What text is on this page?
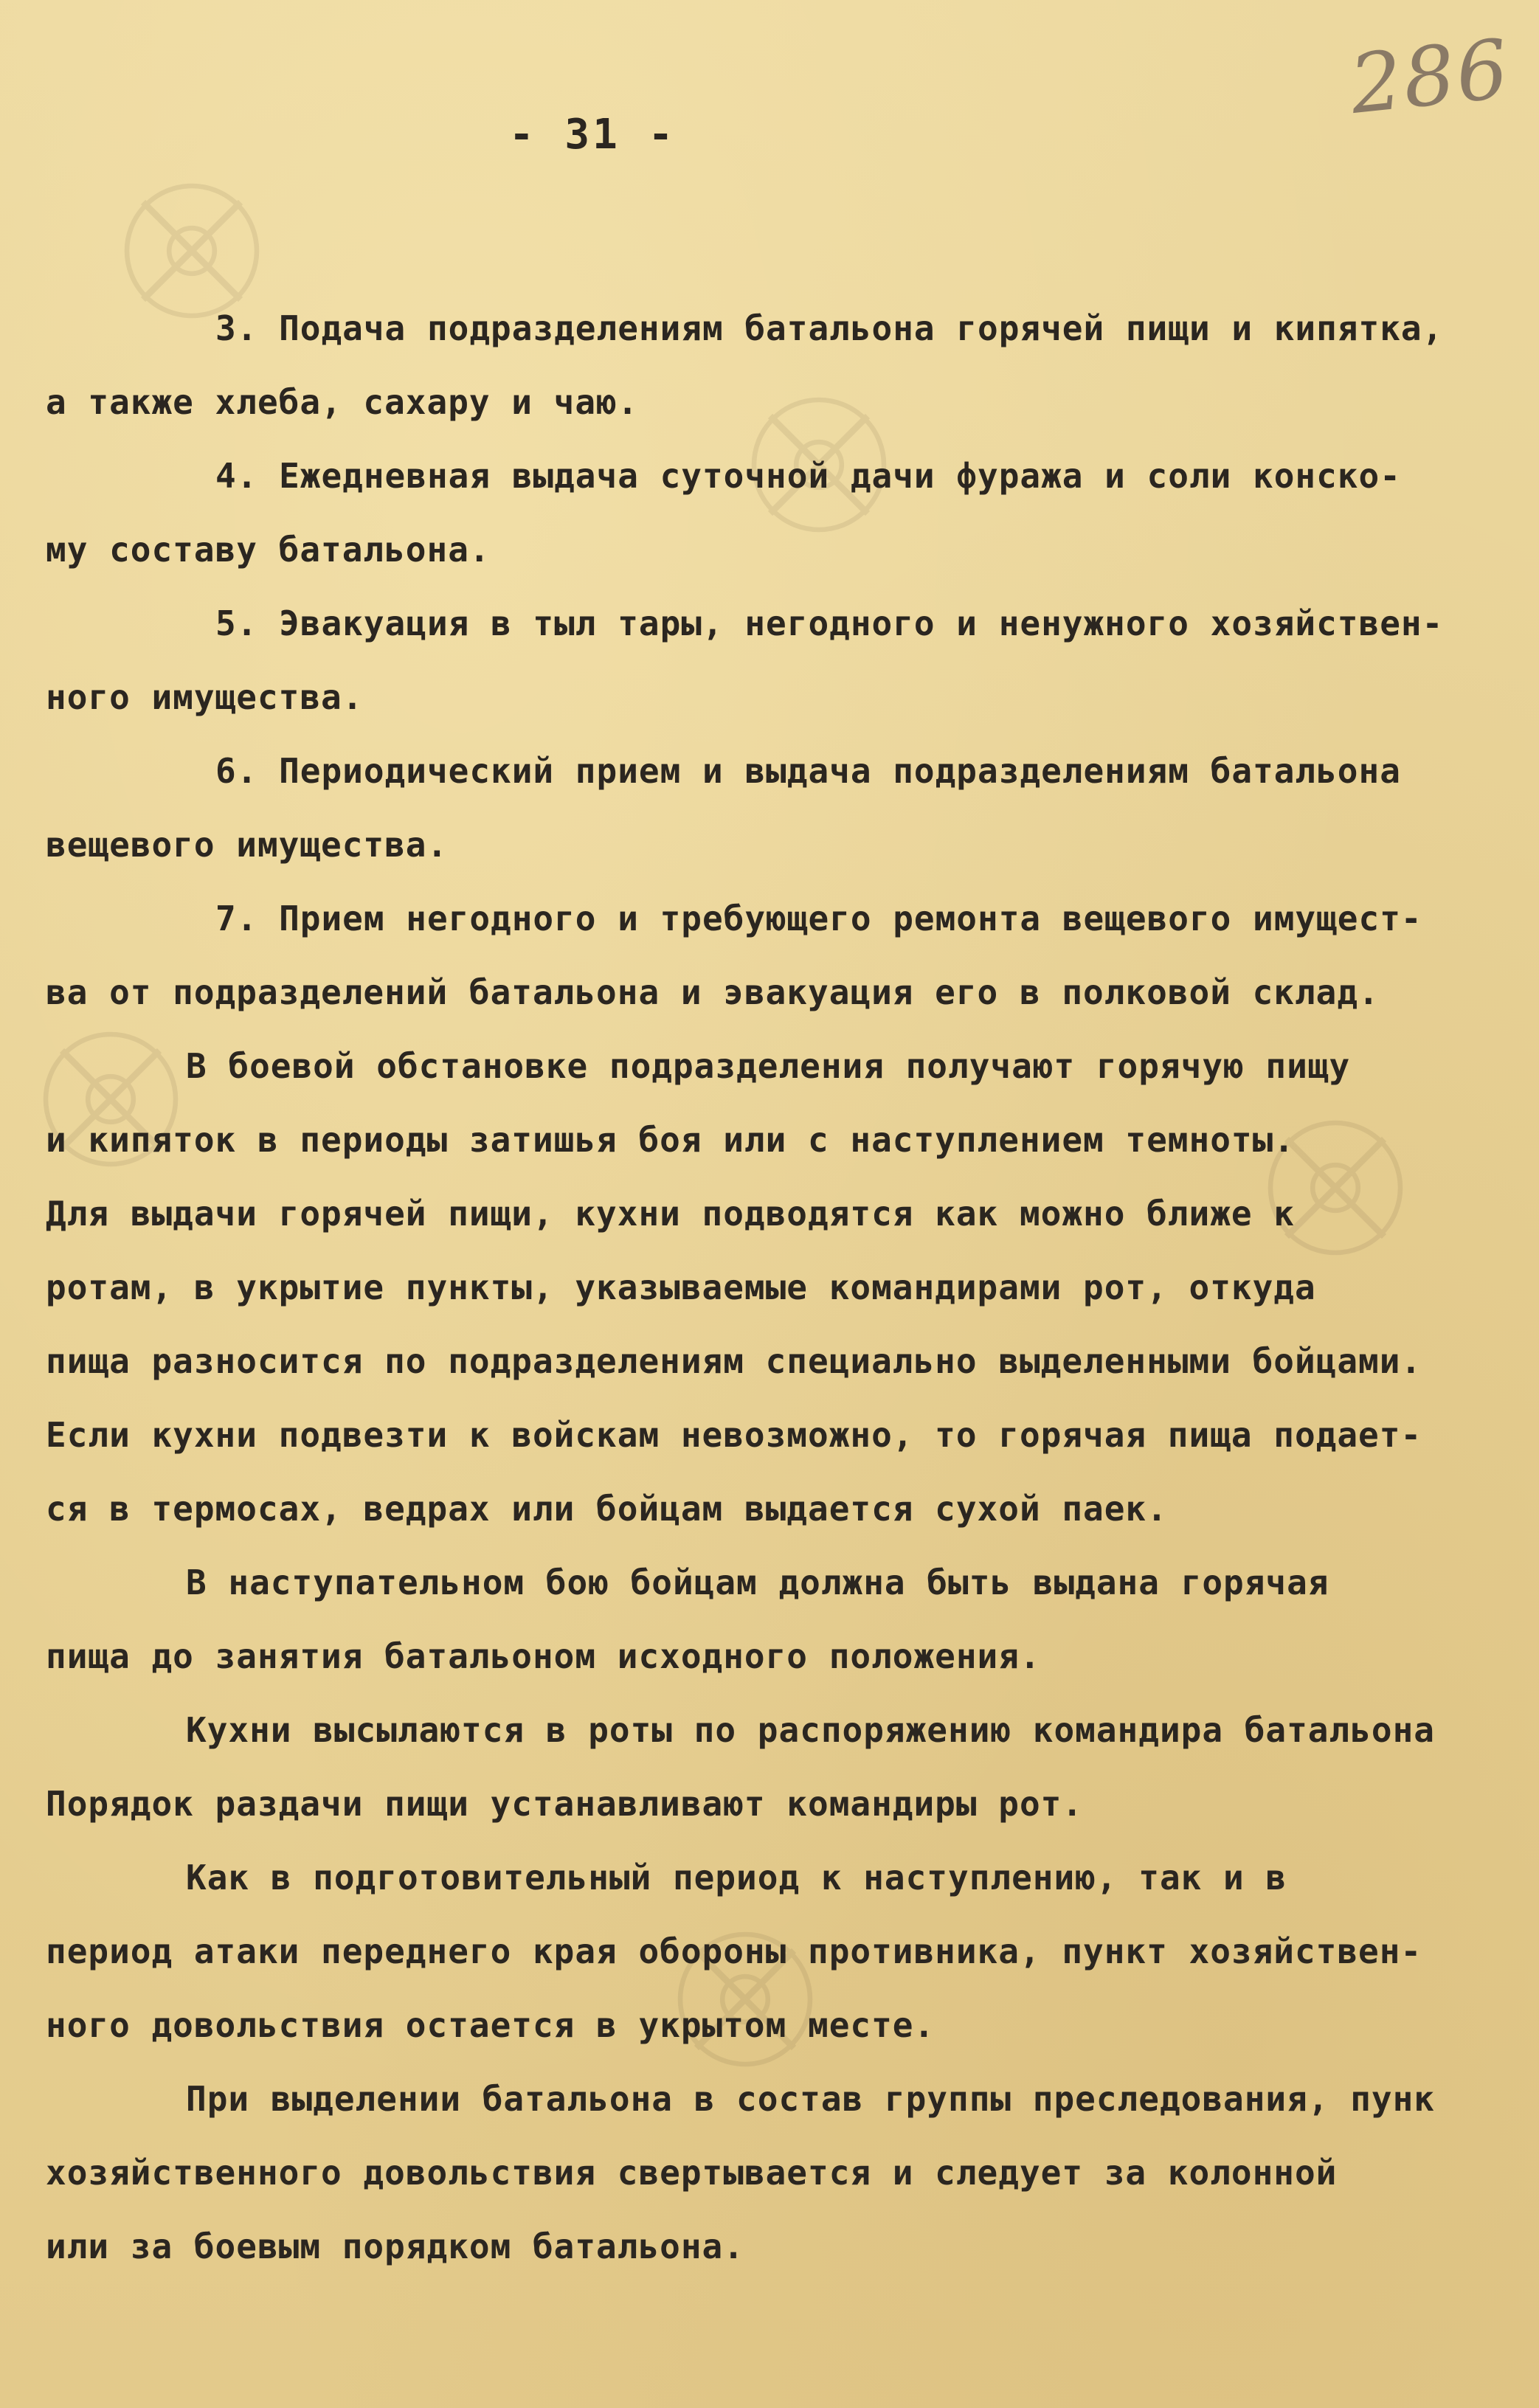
286
- 31 -
3. Подача подразделениям батальона горячей пищи и кипятка,
а также хлеба, сахару и чаю.
4. Ежедневная выдача суточной дачи фуража и соли конско-
му составу батальона.
5. Эвакуация в тыл тары, негодного и ненужного хозяйствен-
ного имущества.
6. Периодический прием и выдача подразделениям батальона
вещевого имущества.
7. Прием негодного и требующего ремонта вещевого имущест-
ва от подразделений батальона и эвакуация его в полковой склад.
В боевой обстановке подразделения получают горячую пищу
и кипяток в периоды затишья боя или с наступлением темноты.
Для выдачи горячей пищи, кухни подводятся как можно ближе к
ротам, в укрытие пункты, указываемые командирами рот, откуда
пища разносится по подразделениям специально выделенными бойцами.
Если кухни подвезти к войскам невозможно, то горячая пища подает-
ся в термосах, ведрах или бойцам выдается сухой паек.
В наступательном бою бойцам должна быть выдана горячая
пища до занятия батальоном исходного положения.
Кухни высылаются в роты по распоряжению командира батальона
Порядок раздачи пищи устанавливают командиры рот.
Как в подготовительный период к наступлению, так и в
период атаки переднего края обороны противника, пункт хозяйствен-
ного довольствия остается в укрытом месте.
При выделении батальона в состав группы преследования, пунк
хозяйственного довольствия свертывается и следует за колонной
или за боевым порядком батальона.
